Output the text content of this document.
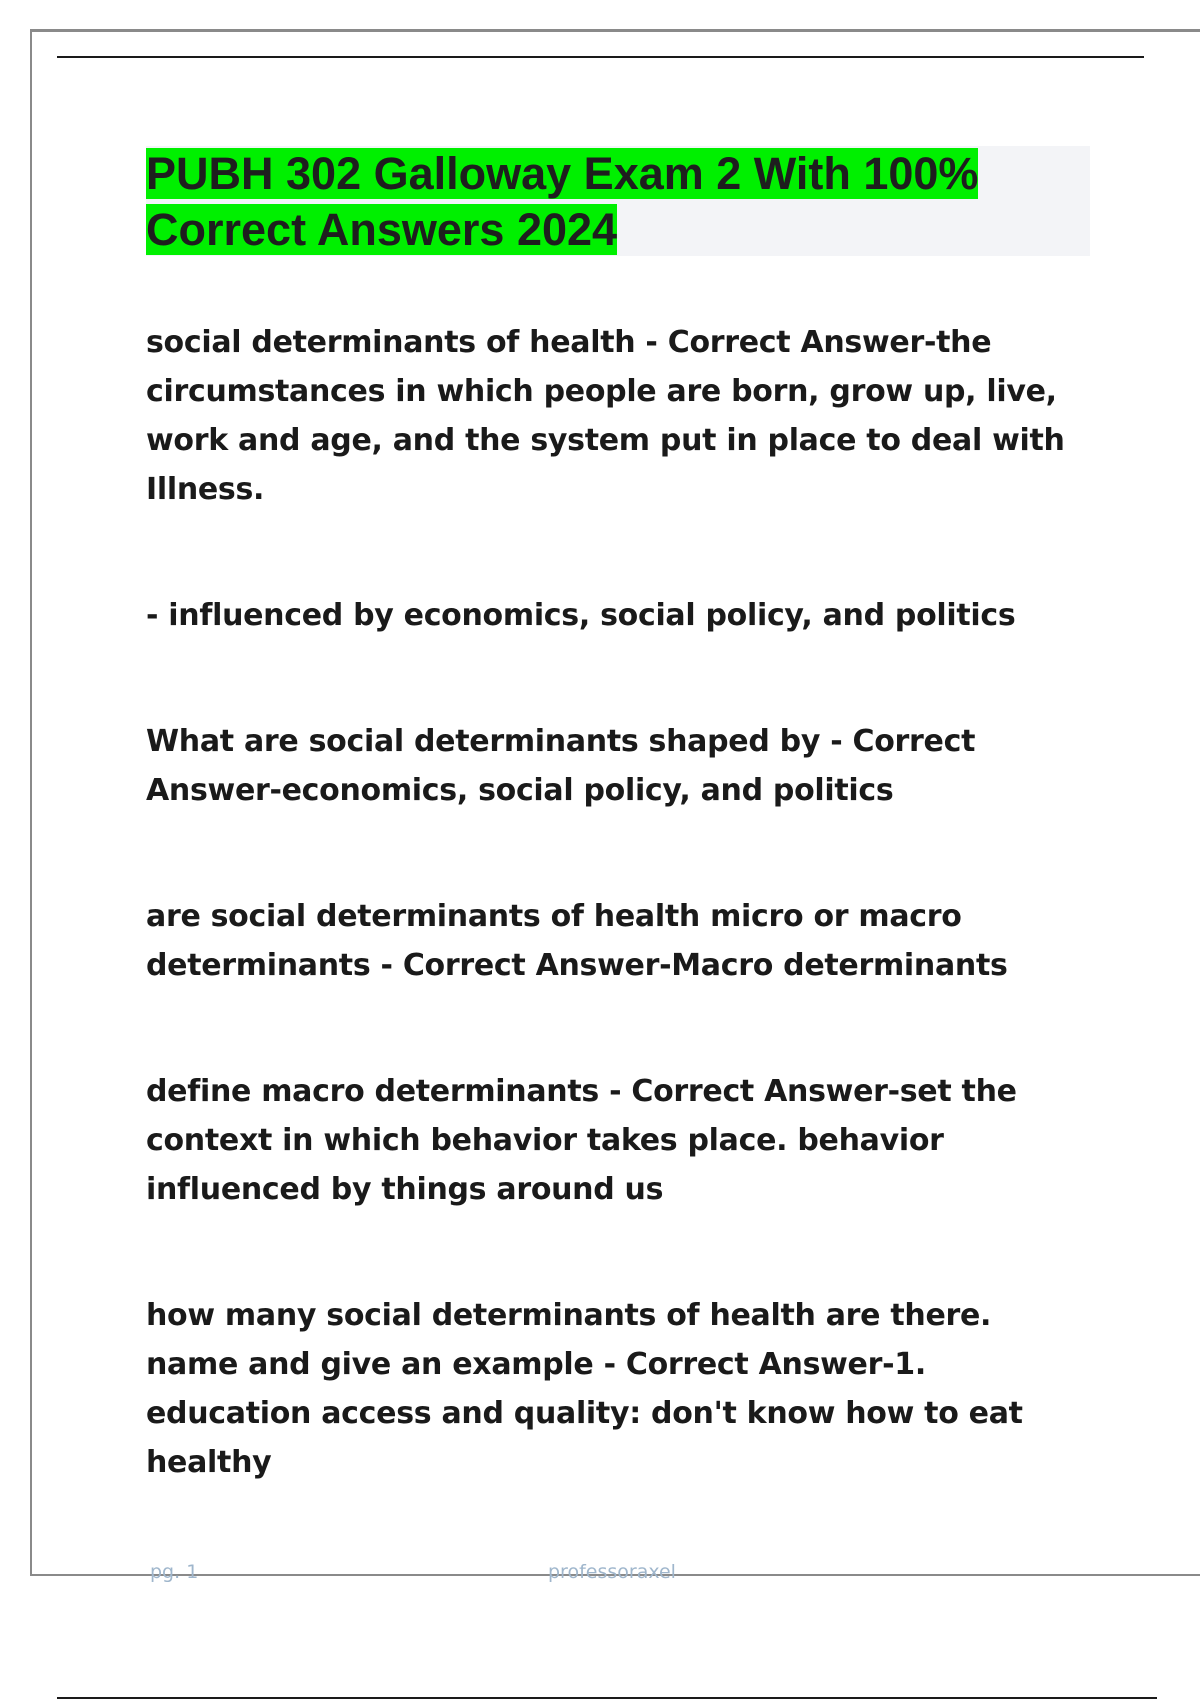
PUBH 302 Galloway Exam 2 With 100% Correct Answers 2024

social determinants of health - Correct Answer-the circumstances in which people are born, grow up, live, work and age, and the system put in place to deal with Illness.

- influenced by economics, social policy, and politics

What are social determinants shaped by - Correct Answer-economics, social policy, and politics

are social determinants of health micro or macro determinants - Correct Answer-Macro determinants

define macro determinants - Correct Answer-set the context in which behavior takes place. behavior influenced by things around us

how many social determinants of health are there. name and give an example - Correct Answer-1. education access and quality: don't know how to eat healthy

pg. 1	professoraxel
